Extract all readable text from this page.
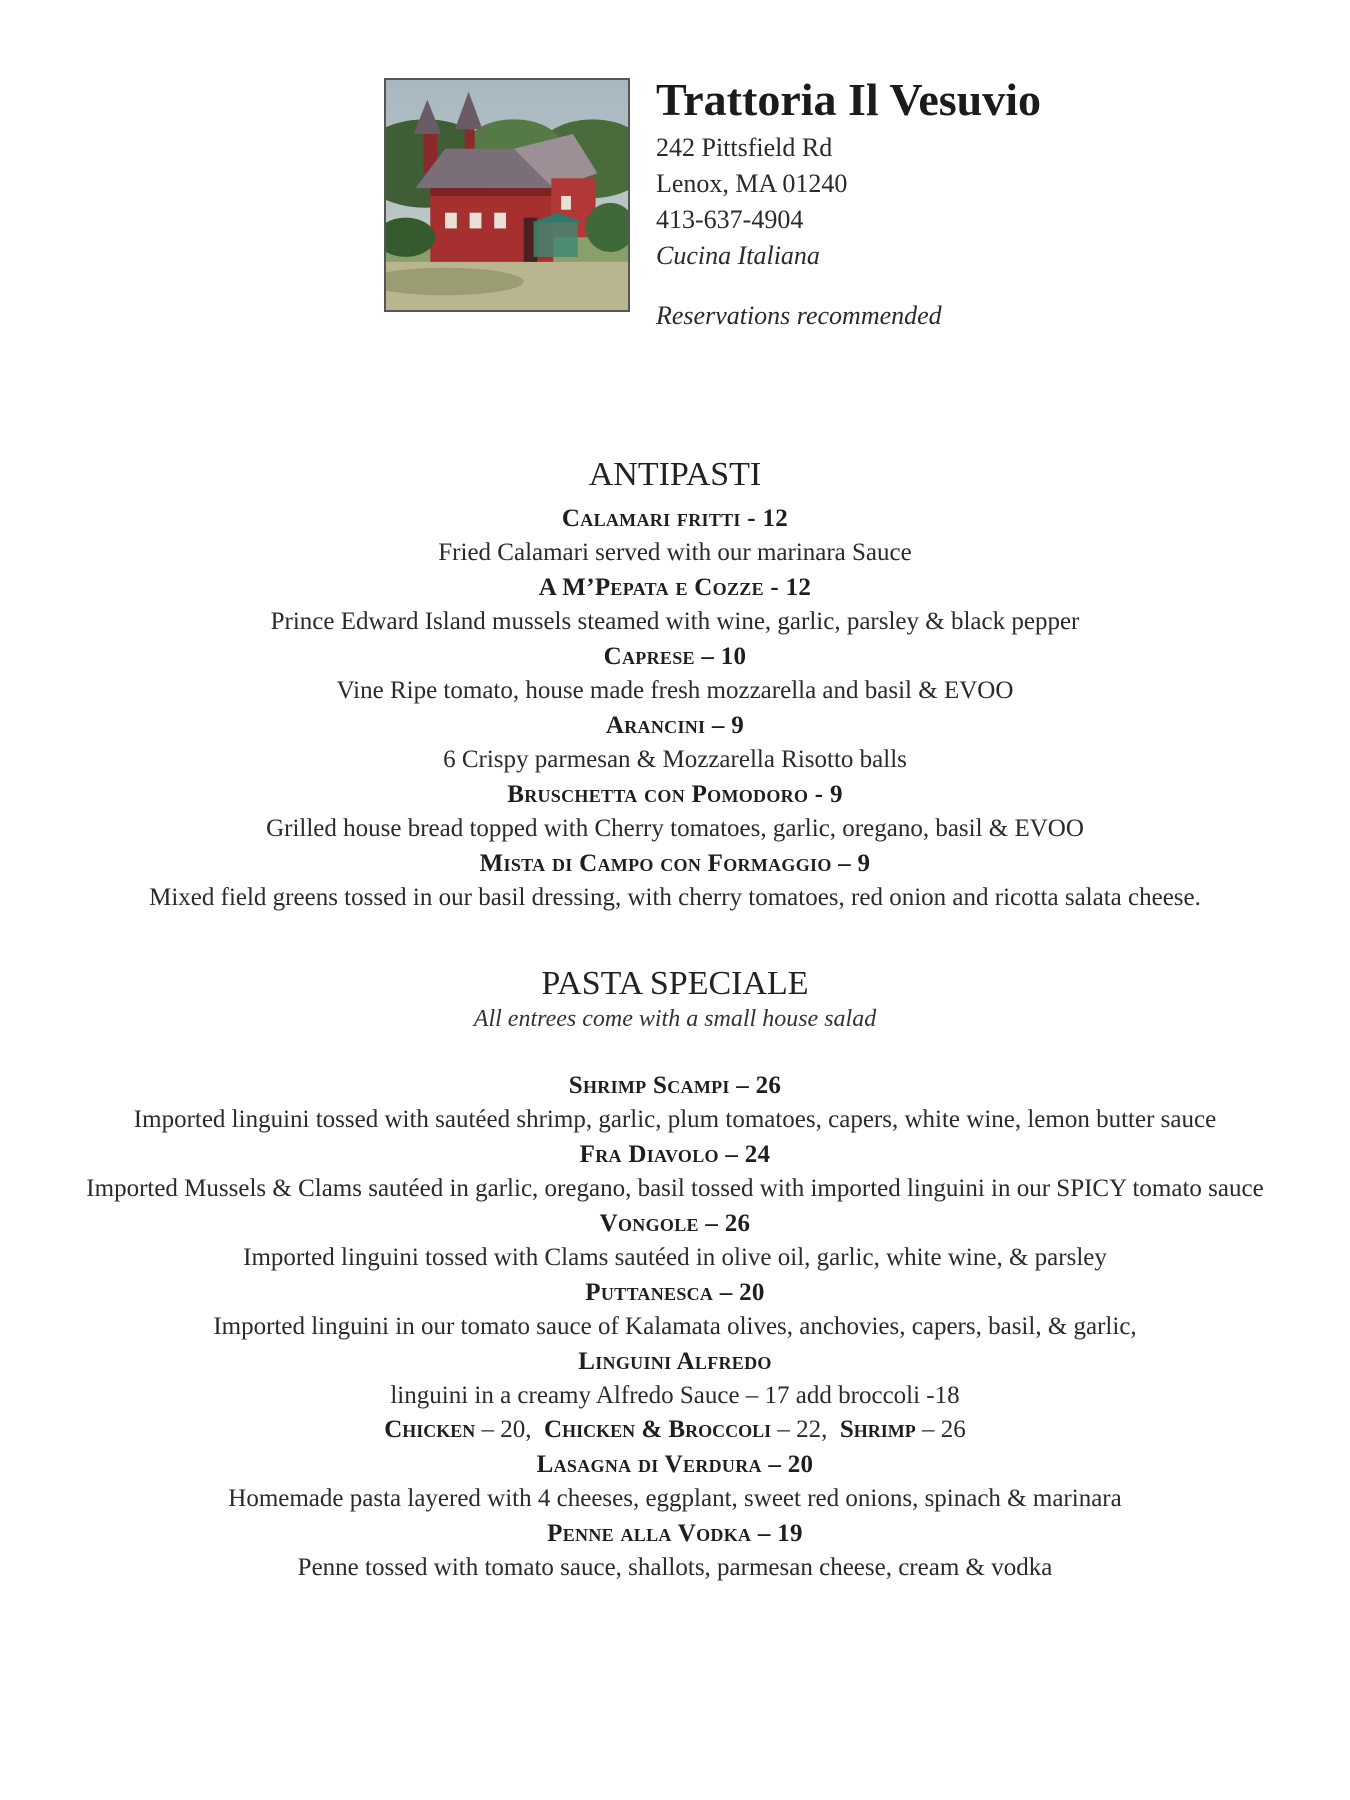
Trattoria Il Vesuvio
242 Pittsfield Rd
Lenox, MA 01240
413-637-4904
Cucina Italiana
Reservations recommended
ANTIPASTI
Calamari fritti - 12
Fried Calamari served with our marinara Sauce
A M’Pepata e Cozze - 12
Prince Edward Island mussels steamed with wine, garlic, parsley & black pepper
Caprese – 10
Vine Ripe tomato, house made fresh mozzarella and basil & EVOO
Arancini – 9
6 Crispy parmesan & Mozzarella Risotto balls
Bruschetta con Pomodoro - 9
Grilled house bread topped with Cherry tomatoes, garlic, oregano, basil & EVOO
Mista di Campo con Formaggio – 9
Mixed field greens tossed in our basil dressing, with cherry tomatoes, red onion and ricotta salata cheese.
PASTA SPECIALE
All entrees come with a small house salad
Shrimp Scampi – 26
Imported linguini tossed with sautéed shrimp, garlic, plum tomatoes, capers, white wine, lemon butter sauce
Fra Diavolo – 24
Imported Mussels & Clams sautéed in garlic, oregano, basil tossed with imported linguini in our SPICY tomato sauce
Vongole – 26
Imported linguini tossed with Clams sautéed in olive oil, garlic, white wine, & parsley
Puttanesca – 20
Imported linguini in our tomato sauce of Kalamata olives, anchovies, capers, basil, & garlic,
Linguini Alfredo
linguini in a creamy Alfredo Sauce – 17 add broccoli -18
Chicken – 20,  Chicken & Broccoli – 22,  Shrimp – 26
Lasagna di Verdura – 20
Homemade pasta layered with 4 cheeses, eggplant, sweet red onions, spinach & marinara
Penne alla Vodka – 19
Penne tossed with tomato sauce, shallots, parmesan cheese, cream & vodka
